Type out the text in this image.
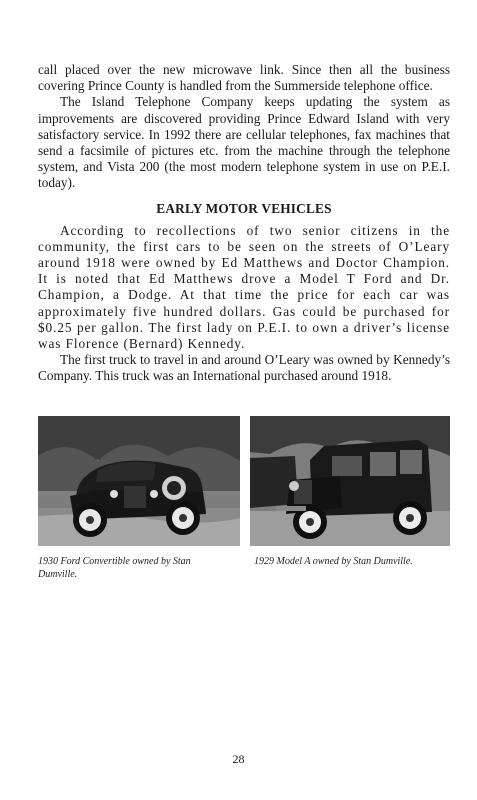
call placed over the new microwave link. Since then all the business covering Prince County is handled from the Summerside telephone office.

The Island Telephone Company keeps updating the system as improvements are discovered providing Prince Edward Island with very satisfactory service. In 1992 there are cellular telephones, fax machines that send a facsimile of pictures etc. from the machine through the telephone system, and Vista 200 (the most modern telephone system in use on P.E.I. today).

EARLY MOTOR VEHICLES

According to recollections of two senior citizens in the community, the first cars to be seen on the streets of O’Leary around 1918 were owned by Ed Matthews and Doctor Champion. It is noted that Ed Matthews drove a Model T Ford and Dr. Champion, a Dodge. At that time the price for each car was approximately five hundred dollars. Gas could be purchased for $0.25 per gallon. The first lady on P.E.I. to own a driver’s license was Florence (Bernard) Kennedy.

The first truck to travel in and around O’Leary was owned by Kennedy’s Company. This truck was an International purchased around 1918.

1930 Ford Convertible owned by Stan Dumville.
1929 Model A owned by Stan Dumville.
28
